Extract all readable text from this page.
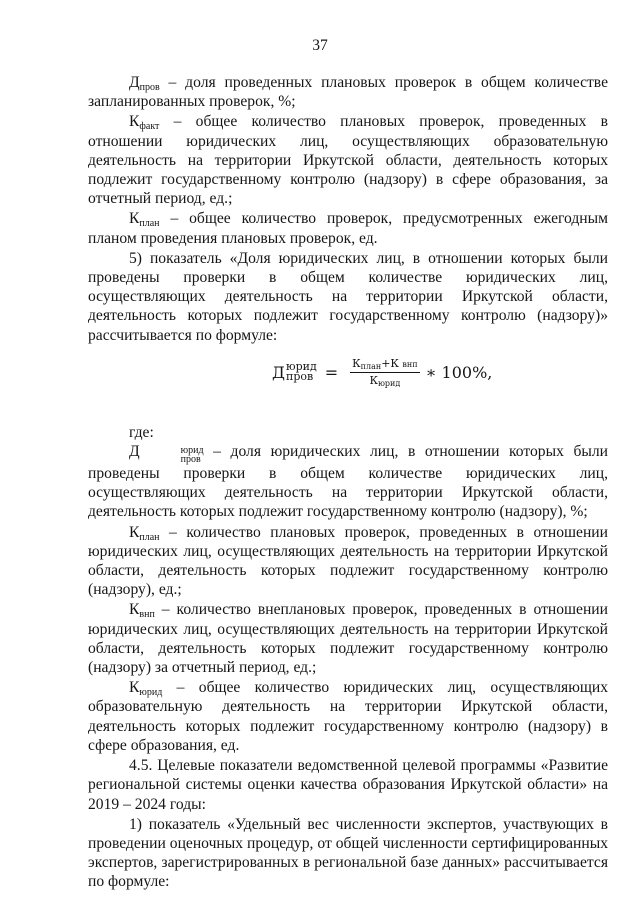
37

$Д_{пров}$ – доля проведенных плановых проверок в общем количестве запланированных проверок, %;

$К_{факт}$ – общее количество плановых проверок, проведенных в отношении юридических лиц, осуществляющих образовательную деятельность на территории Иркутской области, деятельность которых подлежит государственному контролю (надзору) в сфере образования, за отчетный период, ед.;

$К_{план}$ – общее количество проверок, предусмотренных ежегодным планом проведения плановых проверок, ед.

5) показатель «Доля юридических лиц, в отношении которых были проведены проверки в общем количестве юридических лиц, осуществляющих деятельность на территории Иркутской области, деятельность которых подлежит государственному контролю (надзору)» рассчитывается по формуле:

Д юрид
пров = $\frac{К_{план}+К внп}{К_{юрид}}$ ∗ 100%,

где:

Д	юрид
пров – доля юридических лиц, в отношении которых были проведены проверки в общем количестве юридических лиц, осуществляющих деятельность на территории Иркутской области, деятельность которых подлежит государственному контролю (надзору), %;

$К_{план}$ – количество плановых проверок, проведенных в отношении юридических лиц, осуществляющих деятельность на территории Иркутской области, деятельность которых подлежит государственному контролю (надзору), ед.;

$К_{внп}$ – количество внеплановых проверок, проведенных в отношении юридических лиц, осуществляющих деятельность на территории Иркутской области, деятельность которых подлежит государственному контролю (надзору) за отчетный период, ед.;

$К_{юрид}$ – общее количество юридических лиц, осуществляющих образовательную деятельность на территории Иркутской области, деятельность которых подлежит государственному контролю (надзору) в сфере образования, ед.

4.5. Целевые показатели ведомственной целевой программы «Развитие региональной системы оценки качества образования Иркутской области» на 2019 – 2024 годы:

1) показатель «Удельный вес численности экспертов, участвующих в проведении оценочных процедур, от общей численности сертифицированных экспертов, зарегистрированных в региональной базе данных» рассчитывается по формуле:
